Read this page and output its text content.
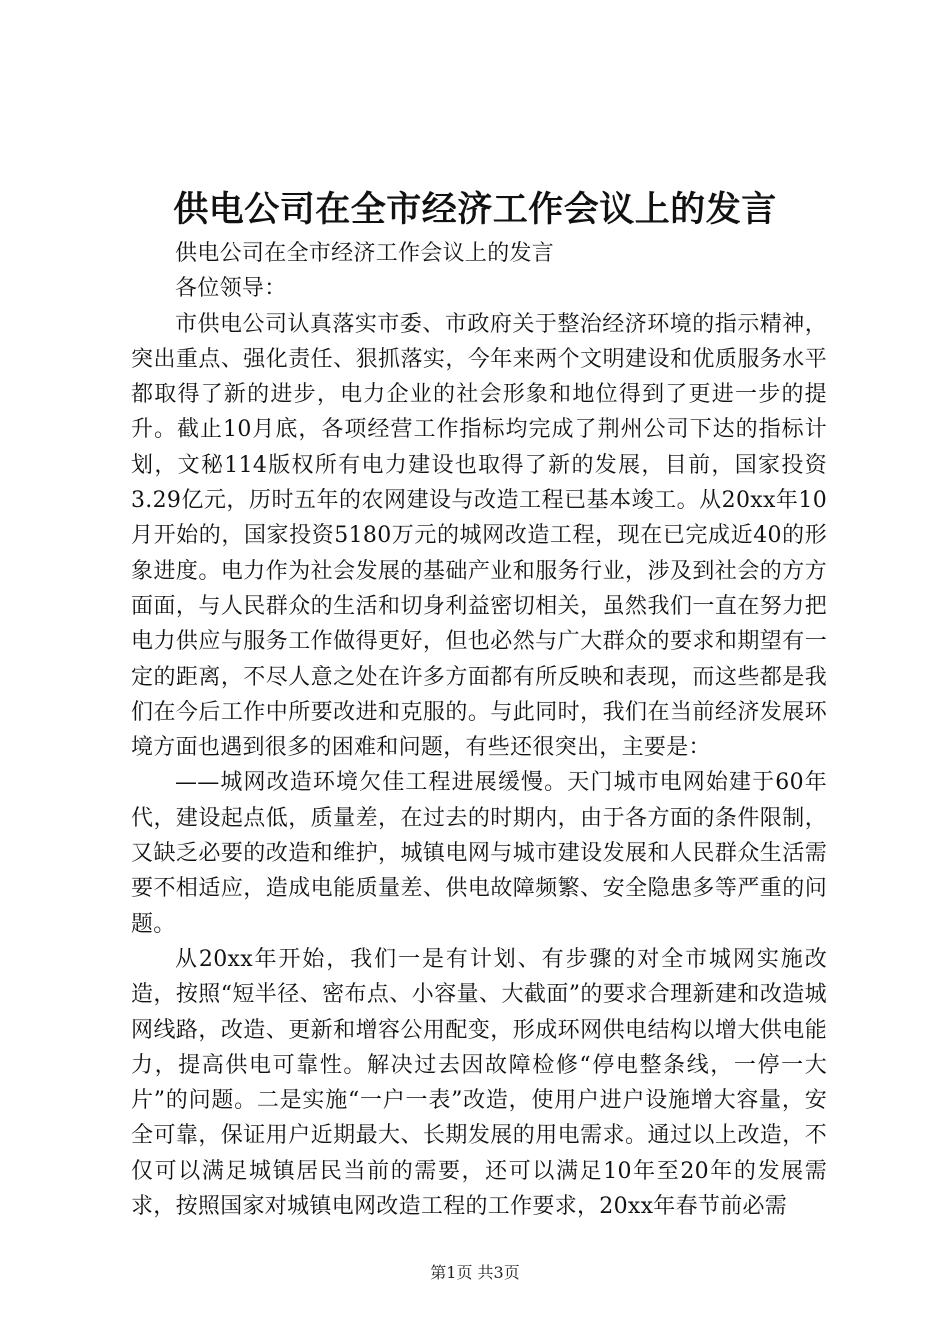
供电公司在全市经济工作会议上的发言

供电公司在全市经济工作会议上的发言

各位领导：

市供电公司认真落实市委、市政府关于整治经济环境的指示精神，突出重点、强化责任、狠抓落实，今年来两个文明建设和优质服务水平都取得了新的进步，电力企业的社会形象和地位得到了更进一步的提升。截止10月底，各项经营工作指标均完成了荆州公司下达的指标计划，文秘114版权所有电力建设也取得了新的发展，目前，国家投资3.29亿元，历时五年的农网建设与改造工程已基本竣工。从20xx年10月开始的，国家投资5180万元的城网改造工程，现在已完成近40的形象进度。电力作为社会发展的基础产业和服务行业，涉及到社会的方方面面，与人民群众的生活和切身利益密切相关，虽然我们一直在努力把电力供应与服务工作做得更好，但也必然与广大群众的要求和期望有一定的距离，不尽人意之处在许多方面都有所反映和表现，而这些都是我们在今后工作中所要改进和克服的。与此同时，我们在当前经济发展环境方面也遇到很多的困难和问题，有些还很突出，主要是：

——城网改造环境欠佳工程进展缓慢。天门城市电网始建于60年代，建设起点低，质量差，在过去的时期内，由于各方面的条件限制，又缺乏必要的改造和维护，城镇电网与城市建设发展和人民群众生活需要不相适应，造成电能质量差、供电故障频繁、安全隐患多等严重的问题。

从20xx年开始，我们一是有计划、有步骤的对全市城网实施改造，按照“短半径、密布点、小容量、大截面”的要求合理新建和改造城网线路，改造、更新和增容公用配变，形成环网供电结构以增大供电能力，提高供电可靠性。解决过去因故障检修“停电整条线，一停一大片”的问题。二是实施“一户一表”改造，使用户进户设施增大容量，安全可靠，保证用户近期最大、长期发展的用电需求。通过以上改造，不仅可以满足城镇居民当前的需要，还可以满足10年至20年的发展需求，按照国家对城镇电网改造工程的工作要求，20xx年春节前必需

第1页 共3页
